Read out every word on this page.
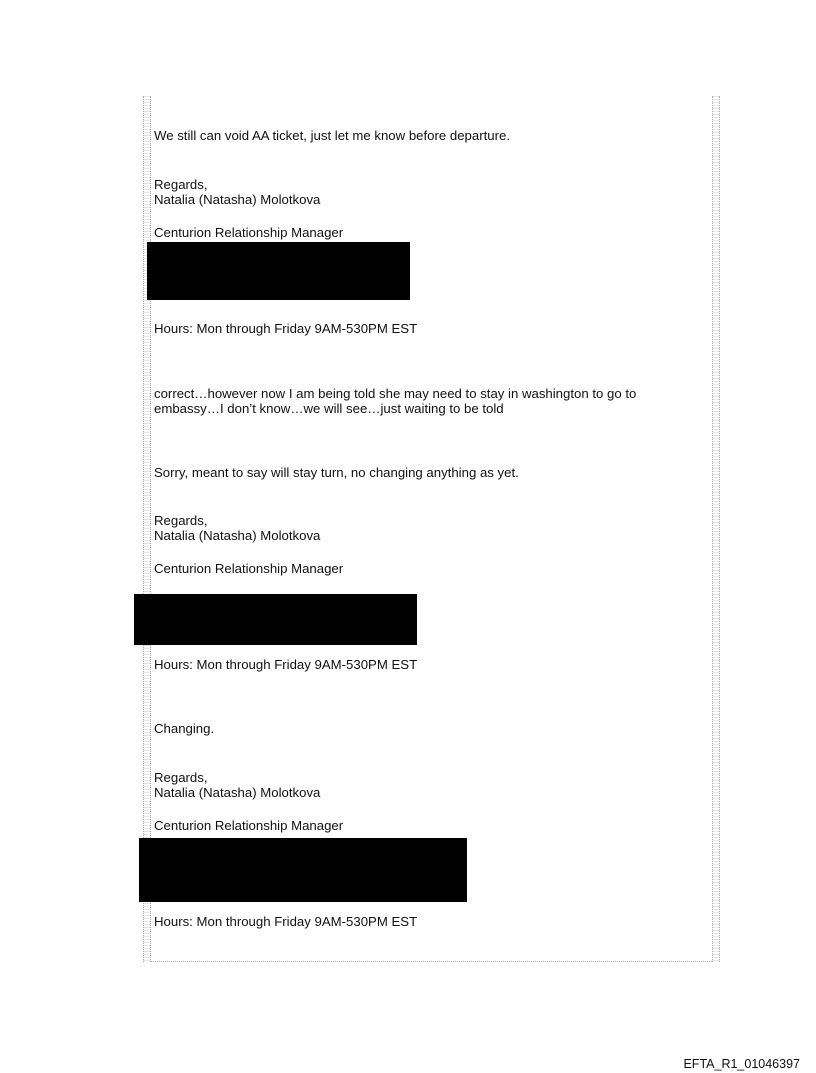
We still can void AA ticket, just let me know before departure.

Regards,

Natalia (Natasha) Molotkova

Centurion Relationship Manager

Hours: Mon through Friday 9AM-530PM EST

correct…however now I am being told she may need to stay in washington to go to

embassy…I don’t know…we will see…just waiting to be told

Sorry, meant to say will stay turn, no changing anything as yet.

Regards,

Natalia (Natasha) Molotkova

Centurion Relationship Manager

Hours: Mon through Friday 9AM-530PM EST

Changing.

Regards,

Natalia (Natasha) Molotkova

Centurion Relationship Manager

Hours: Mon through Friday 9AM-530PM EST

EFTA_R1_01046397
